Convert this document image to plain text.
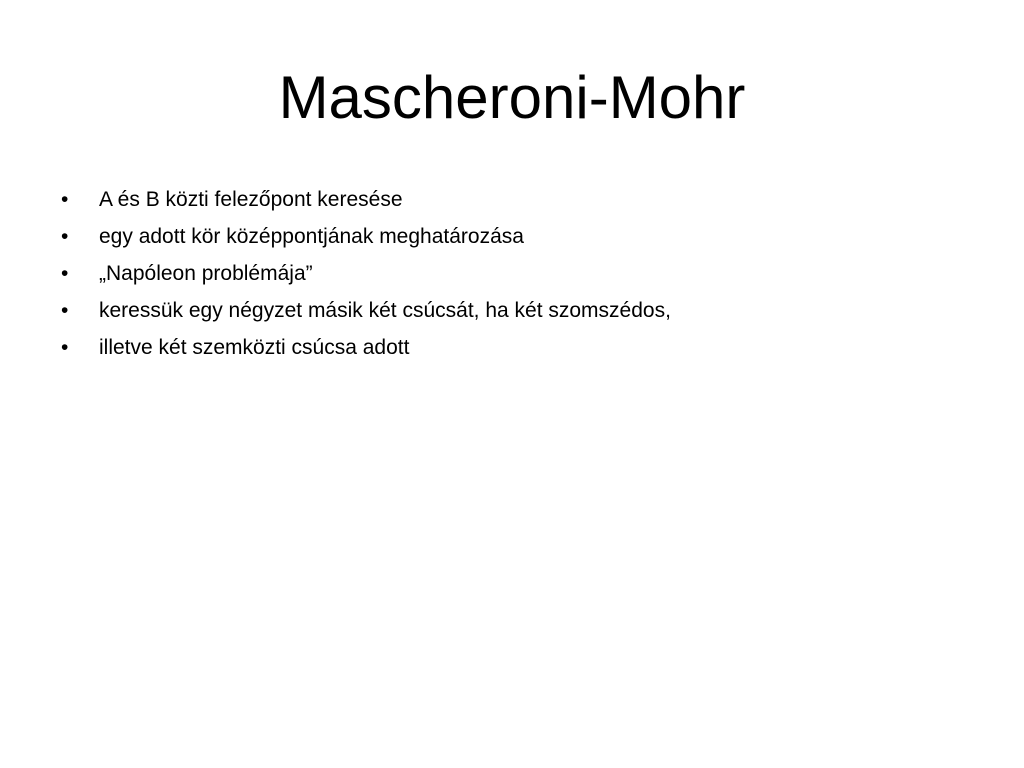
Mascheroni-Mohr
•	A és B közti felezőpont keresése
•	egy adott kör középpontjának meghatározása
•	„Napóleon problémája”
•	keressük egy négyzet másik két csúcsát, ha két szomszédos,
•	illetve két szemközti csúcsa adott
